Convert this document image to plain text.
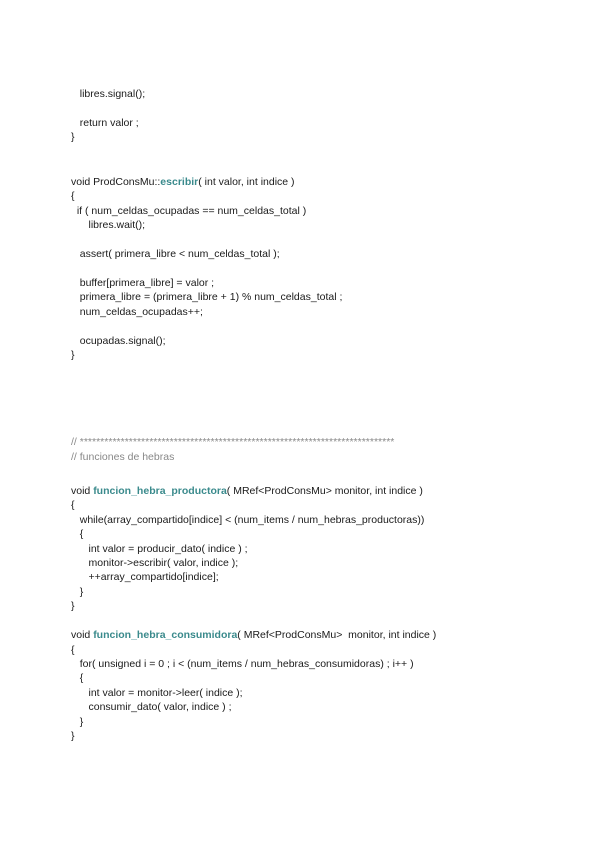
libres.signal();
return valor ;
}
void ProdConsMu::escribir( int valor, int indice )
{
if ( num_celdas_ocupadas == num_celdas_total )
libres.wait();
assert( primera_libre < num_celdas_total );
buffer[primera_libre] = valor ;
primera_libre = (primera_libre + 1) % num_celdas_total ;
num_celdas_ocupadas++;
ocupadas.signal();
}
// *****************************************************************************
// funciones de hebras
void funcion_hebra_productora( MRef<ProdConsMu> monitor, int indice )
{
while(array_compartido[indice] < (num_items / num_hebras_productoras))
{
int valor = producir_dato( indice ) ;
monitor->escribir( valor, indice );
++array_compartido[indice];
}
}
void funcion_hebra_consumidora( MRef<ProdConsMu>  monitor, int indice )
{
for( unsigned i = 0 ; i < (num_items / num_hebras_consumidoras) ; i++ )
{
int valor = monitor->leer( indice );
consumir_dato( valor, indice ) ;
}
}
